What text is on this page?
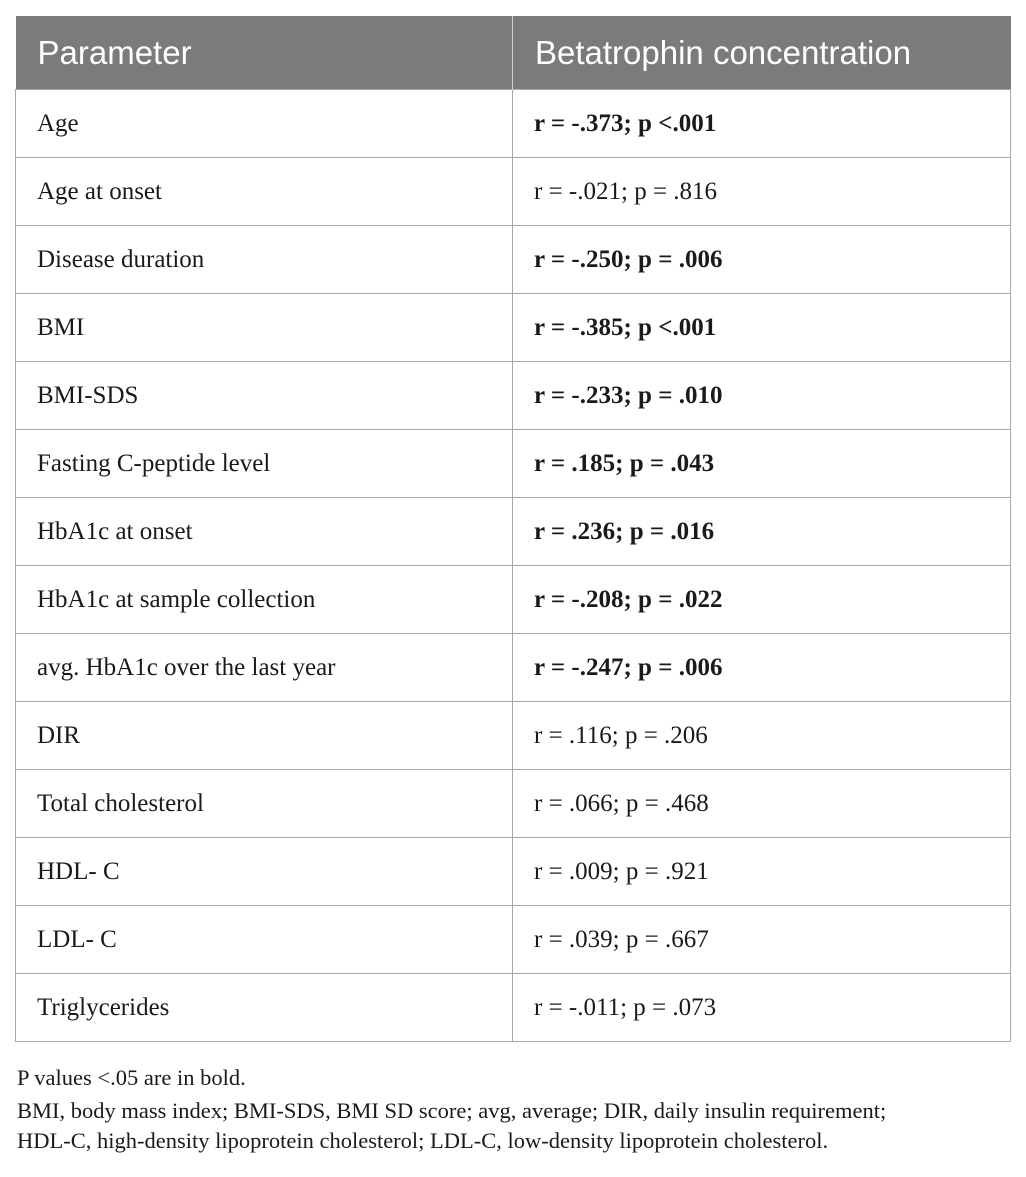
Parameter	Betatrophin concentration
Age	r = -.373; p <.001
Age at onset	r = -.021; p = .816
Disease duration	r = -.250; p = .006
BMI	r = -.385; p <.001
BMI-SDS	r = -.233; p = .010
Fasting C-peptide level	r = .185; p = .043
HbA1c at onset	r = .236; p = .016
HbA1c at sample collection	r = -.208; p = .022
avg. HbA1c over the last year	r = -.247; p = .006
DIR	r = .116; p = .206
Total cholesterol	r = .066; p = .468
HDL- C	r = .009; p = .921
LDL- C	r = .039; p = .667
Triglycerides	r = -.011; p = .073

P values <.05 are in bold.

BMI, body mass index; BMI-SDS, BMI SD score; avg, average; DIR, daily insulin requirement;

HDL-C, high-density lipoprotein cholesterol; LDL-C, low-density lipoprotein cholesterol.
